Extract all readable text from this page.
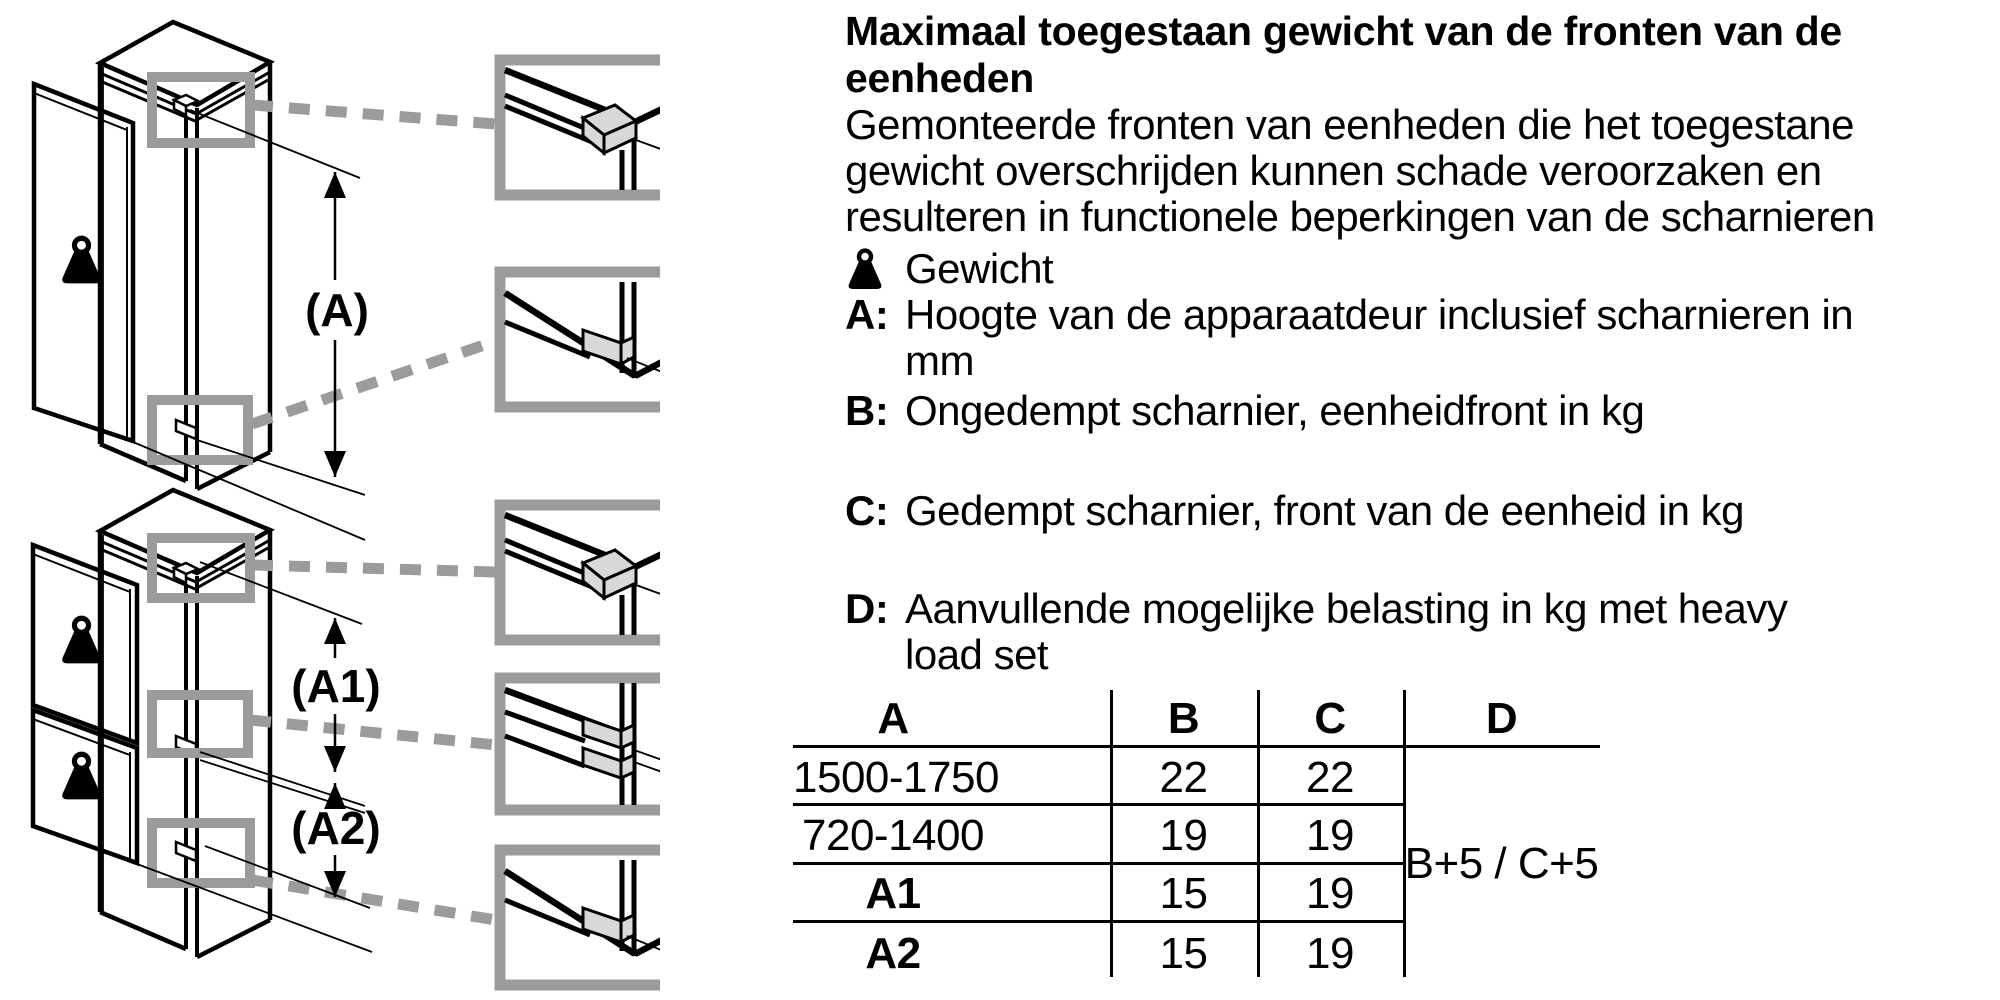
(A)
(A1)
(A2)
Maximaal toegestaan gewicht van de fronten van de
eenheden
Gemonteerde fronten van eenheden die het toegestane
gewicht overschrijden kunnen schade veroorzaken en
resulteren in functionele beperkingen van de scharnieren
Gewicht
A: Hoogte van de apparaatdeur inclusief scharnieren in
mm
B: Ongedempt scharnier, eenheidfront in kg
C: Gedempt scharnier, front van de eenheid in kg
D: Aanvullende mogelijke belasting in kg met heavy
load set
A	B	C	D
1500-1750	22	22
720-1400	19	19
A1	15	19
A2	15	19
B+5 / C+5
